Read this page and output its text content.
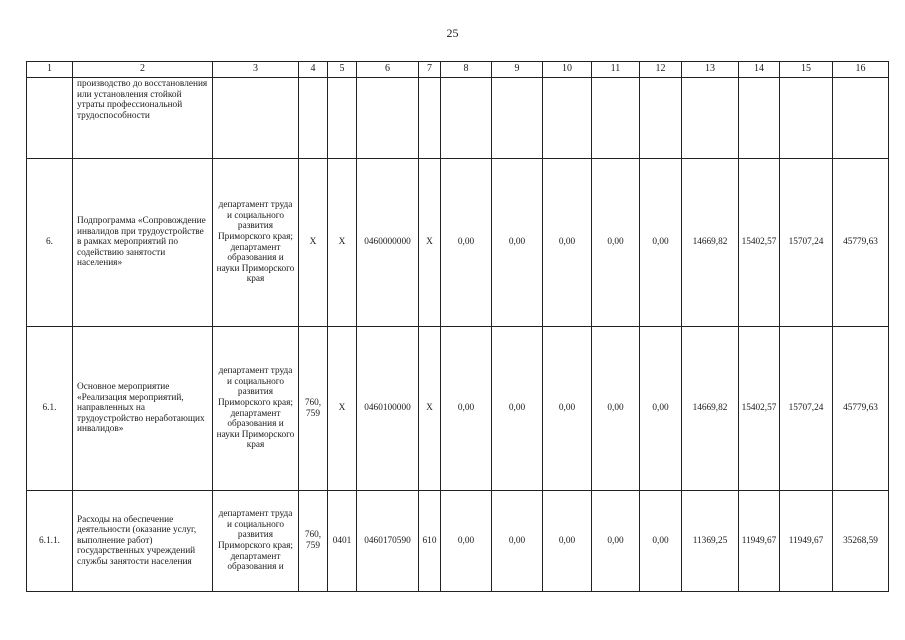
25
1	2	3	4	5	6	7	8	9	10	11	12	13	14	15	16
	производство до восстановления или установления стойкой утраты профессиональной трудоспособности														
6.	Подпрограмма «Сопровождение инвалидов при трудоустройстве в рамках мероприятий по содействию занятости населения»	департамент труда и социального развития Приморского края; департамент образования и науки Приморского края	X	X	0460000000	X	0,00	0,00	0,00	0,00	0,00	14669,82	15402,57	15707,24	45779,63
6.1.	Основное мероприятие «Реализация мероприятий, направленных на трудоустройство неработающих инвалидов»	департамент труда и социального развития Приморского края; департамент образования и науки Приморского края	760, 759	X	0460100000	X	0,00	0,00	0,00	0,00	0,00	14669,82	15402,57	15707,24	45779,63
6.1.1.	Расходы на обеспечение деятельности (оказание услуг, выполнение работ) государственных учреждений службы занятости населения	департамент труда и социального развития Приморского края; департамент образования и	760, 759	0401	0460170590	610	0,00	0,00	0,00	0,00	0,00	11369,25	11949,67	11949,67	35268,59
